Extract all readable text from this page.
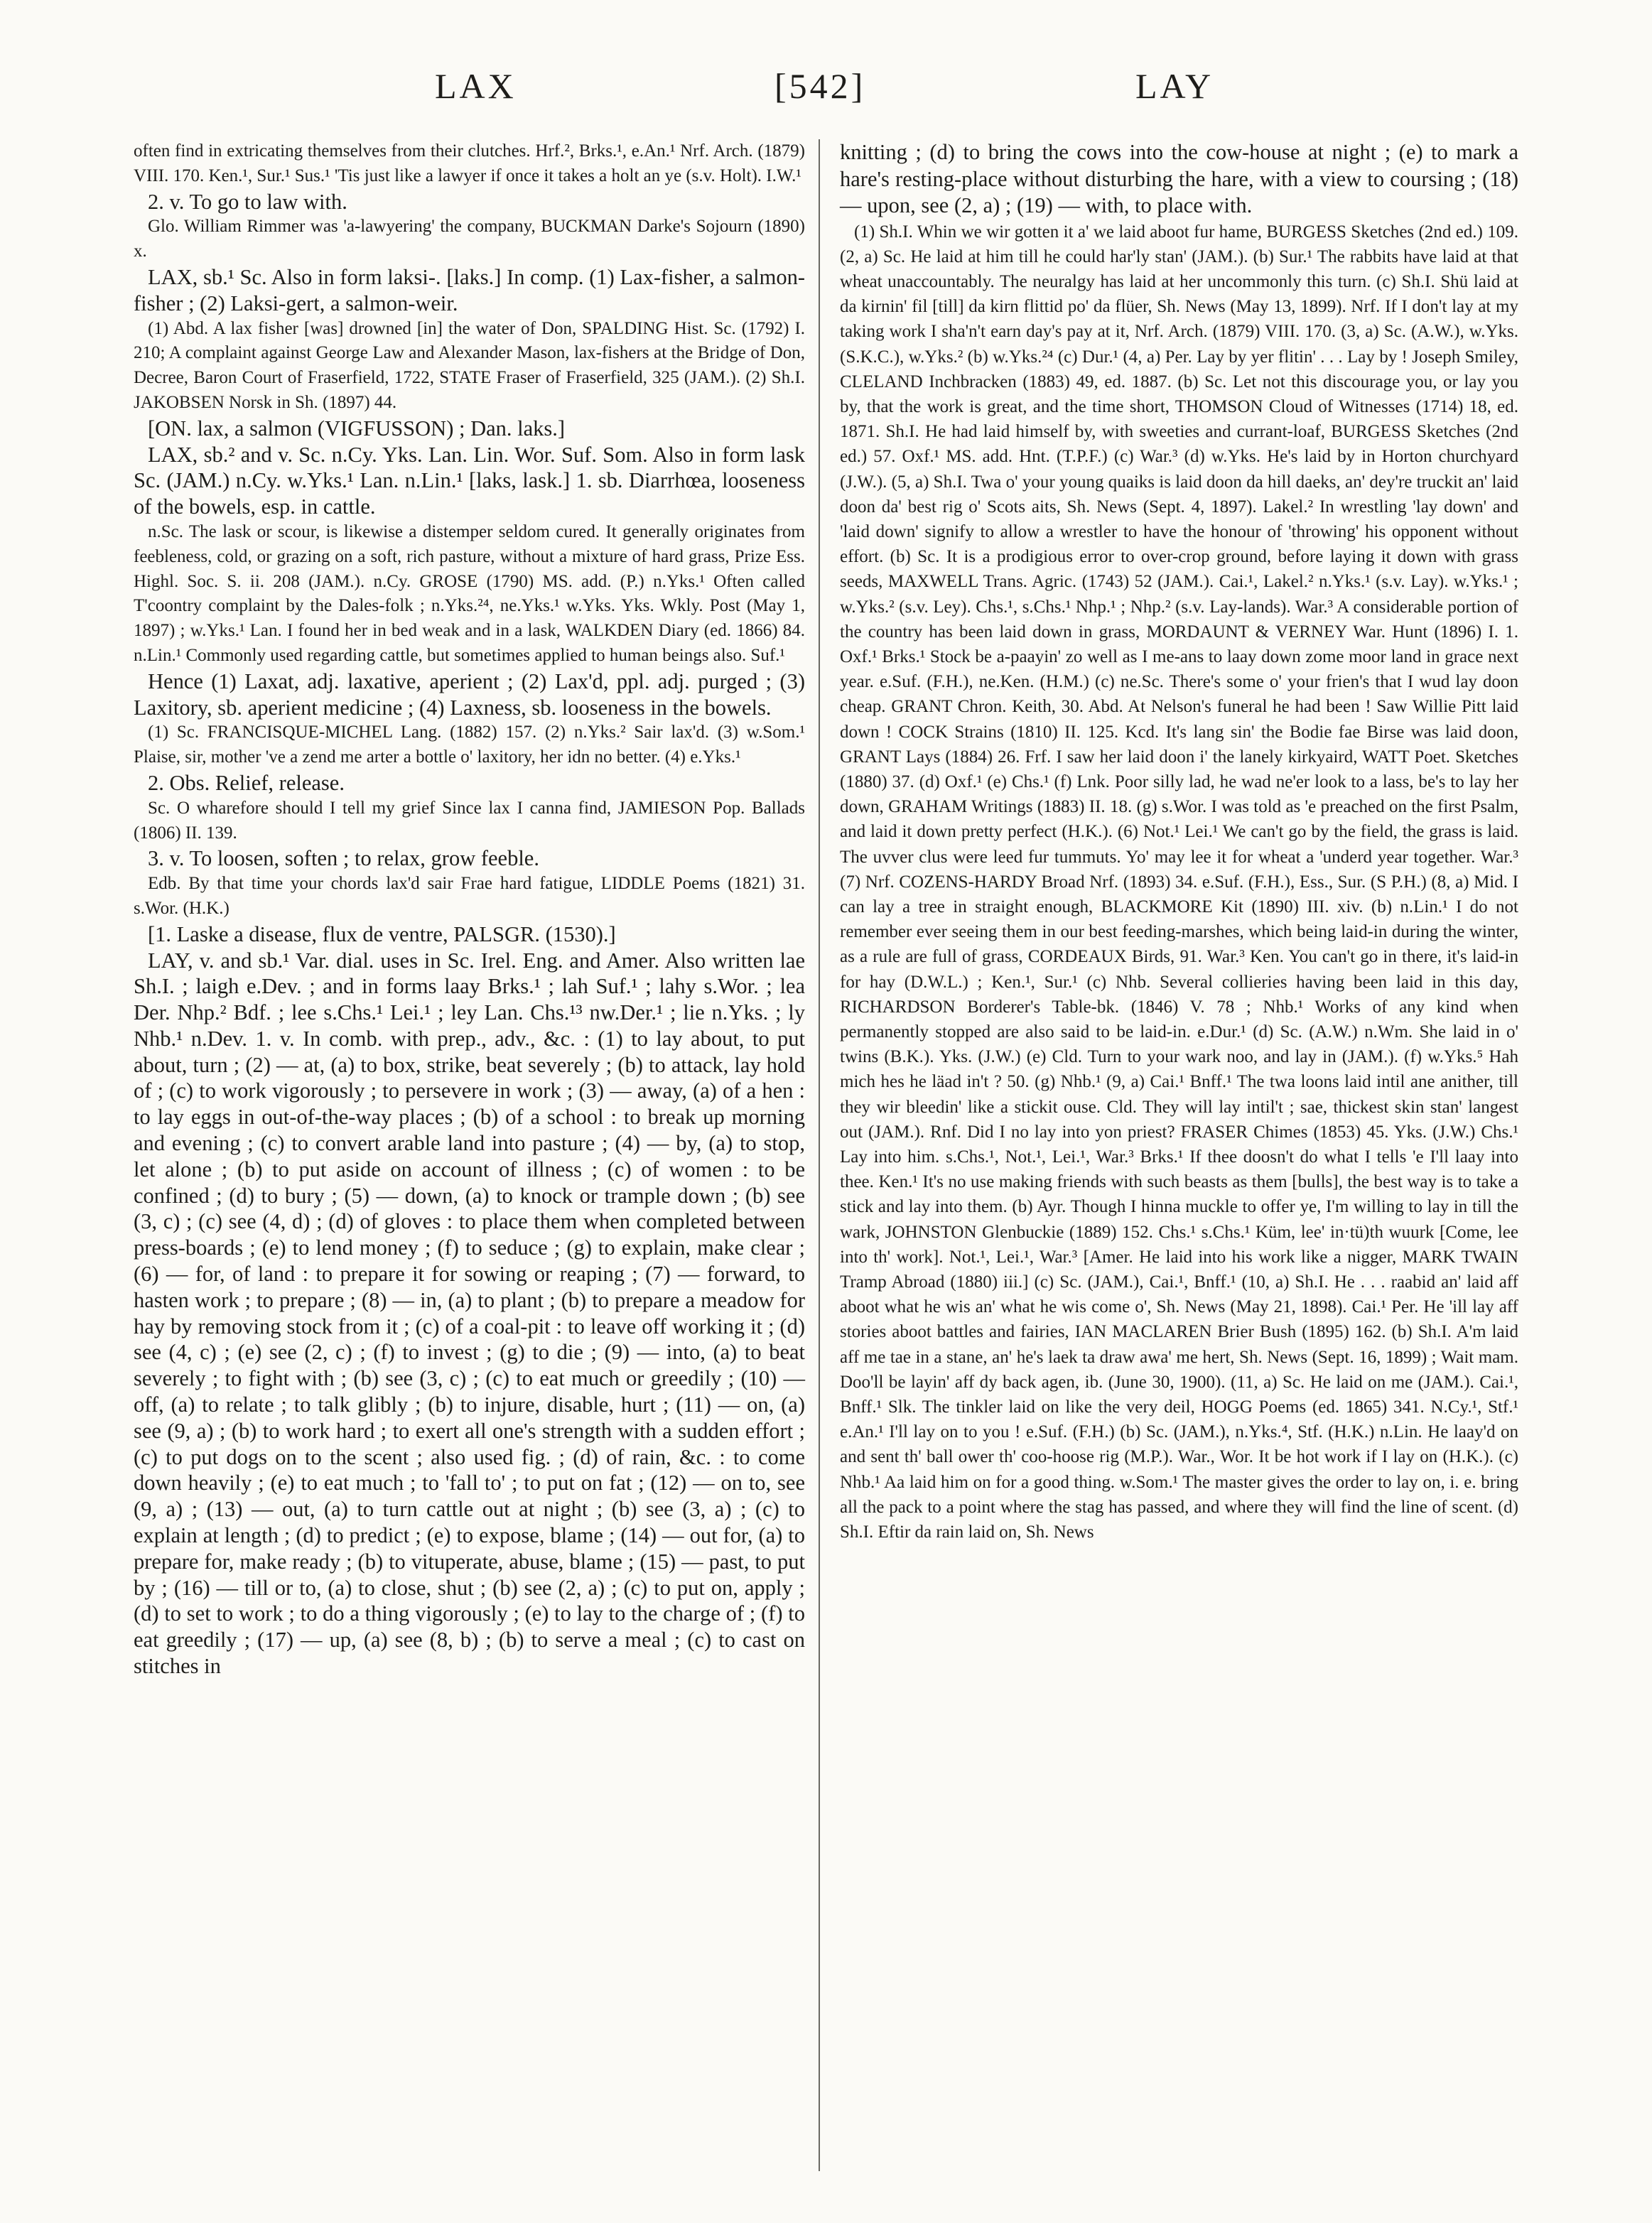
LAX	[542]	LAY

often find in extricating themselves from their clutches. Hrf.², Brks.¹, e.An.¹ Nrf. Arch. (1879) VIII. 170. Ken.¹, Sur.¹ Sus.¹ 'Tis just like a lawyer if once it takes a holt an ye (s.v. Holt). I.W.¹

2. v. To go to law with.

Glo. William Rimmer was 'a-lawyering' the company, BUCKMAN Darke's Sojourn (1890) x.

LAX, sb.¹ Sc. Also in form laksi-. [laks.] In comp. (1) Lax-fisher, a salmon-fisher ; (2) Laksi-gert, a salmon-weir.

(1) Abd. A lax fisher [was] drowned [in] the water of Don, SPALDING Hist. Sc. (1792) I. 210; A complaint against George Law and Alexander Mason, lax-fishers at the Bridge of Don, Decree, Baron Court of Fraserfield, 1722, STATE Fraser of Fraserfield, 325 (JAM.). (2) Sh.I. JAKOBSEN Norsk in Sh. (1897) 44.

[ON. lax, a salmon (VIGFUSSON) ; Dan. laks.]

LAX, sb.² and v. Sc. n.Cy. Yks. Lan. Lin. Wor. Suf. Som. Also in form lask Sc. (JAM.) n.Cy. w.Yks.¹ Lan. n.Lin.¹ [laks, lask.] 1. sb. Diarrhœa, looseness of the bowels, esp. in cattle.

n.Sc. The lask or scour, is likewise a distemper seldom cured. It generally originates from feebleness, cold, or grazing on a soft, rich pasture, without a mixture of hard grass, Prize Ess. Highl. Soc. S. ii. 208 (JAM.). n.Cy. GROSE (1790) MS. add. (P.) n.Yks.¹ Often called T'coontry complaint by the Dales-folk ; n.Yks.²⁴, ne.Yks.¹ w.Yks. Yks. Wkly. Post (May 1, 1897) ; w.Yks.¹ Lan. I found her in bed weak and in a lask, WALKDEN Diary (ed. 1866) 84. n.Lin.¹ Commonly used regarding cattle, but sometimes applied to human beings also. Suf.¹

Hence (1) Laxat, adj. laxative, aperient ; (2) Lax'd, ppl. adj. purged ; (3) Laxitory, sb. aperient medicine ; (4) Laxness, sb. looseness in the bowels.

(1) Sc. FRANCISQUE-MICHEL Lang. (1882) 157. (2) n.Yks.² Sair lax'd. (3) w.Som.¹ Plaise, sir, mother 've a zend me arter a bottle o' laxitory, her idn no better. (4) e.Yks.¹

2. Obs. Relief, release.

Sc. O wharefore should I tell my grief Since lax I canna find, JAMIESON Pop. Ballads (1806) II. 139.

3. v. To loosen, soften ; to relax, grow feeble.

Edb. By that time your chords lax'd sair Frae hard fatigue, LIDDLE Poems (1821) 31. s.Wor. (H.K.)

[1. Laske a disease, flux de ventre, PALSGR. (1530).]

LAY, v. and sb.¹ Var. dial. uses in Sc. Irel. Eng. and Amer. Also written lae Sh.I. ; laigh e.Dev. ; and in forms laay Brks.¹ ; lah Suf.¹ ; lahy s.Wor. ; lea Der. Nhp.² Bdf. ; lee s.Chs.¹ Lei.¹ ; ley Lan. Chs.¹³ nw.Der.¹ ; lie n.Yks. ; ly Nhb.¹ n.Dev. 1. v. In comb. with prep., adv., &c. : (1) to lay about, to put about, turn ; (2) — at, (a) to box, strike, beat severely ; (b) to attack, lay hold of ; (c) to work vigorously ; to persevere in work ; (3) — away, (a) of a hen : to lay eggs in out-of-the-way places ; (b) of a school : to break up morning and evening ; (c) to convert arable land into pasture ; (4) — by, (a) to stop, let alone ; (b) to put aside on account of illness ; (c) of women : to be confined ; (d) to bury ; (5) — down, (a) to knock or trample down ; (b) see (3, c) ; (c) see (4, d) ; (d) of gloves : to place them when completed between press-boards ; (e) to lend money ; (f) to seduce ; (g) to explain, make clear ; (6) — for, of land : to prepare it for sowing or reaping ; (7) — forward, to hasten work ; to prepare ; (8) — in, (a) to plant ; (b) to prepare a meadow for hay by removing stock from it ; (c) of a coal-pit : to leave off working it ; (d) see (4, c) ; (e) see (2, c) ; (f) to invest ; (g) to die ; (9) — into, (a) to beat severely ; to fight with ; (b) see (3, c) ; (c) to eat much or greedily ; (10) — off, (a) to relate ; to talk glibly ; (b) to injure, disable, hurt ; (11) — on, (a) see (9, a) ; (b) to work hard ; to exert all one's strength with a sudden effort ; (c) to put dogs on to the scent ; also used fig. ; (d) of rain, &c. : to come down heavily ; (e) to eat much ; to 'fall to' ; to put on fat ; (12) — on to, see (9, a) ; (13) — out, (a) to turn cattle out at night ; (b) see (3, a) ; (c) to explain at length ; (d) to predict ; (e) to expose, blame ; (14) — out for, (a) to prepare for, make ready ; (b) to vituperate, abuse, blame ; (15) — past, to put by ; (16) — till or to, (a) to close, shut ; (b) see (2, a) ; (c) to put on, apply ; (d) to set to work ; to do a thing vigorously ; (e) to lay to the charge of ; (f) to eat greedily ; (17) — up, (a) see (8, b) ; (b) to serve a meal ; (c) to cast on stitches in

knitting ; (d) to bring the cows into the cow-house at night ; (e) to mark a hare's resting-place without disturbing the hare, with a view to coursing ; (18) — upon, see (2, a) ; (19) — with, to place with.

(1) Sh.I. Whin we wir gotten it a' we laid aboot fur hame, BURGESS Sketches (2nd ed.) 109. (2, a) Sc. He laid at him till he could har'ly stan' (JAM.). (b) Sur.¹ The rabbits have laid at that wheat unaccountably. The neuralgy has laid at her uncommonly this turn. (c) Sh.I. Shü laid at da kirnin' fil [till] da kirn flittid po' da flüer, Sh. News (May 13, 1899). Nrf. If I don't lay at my taking work I sha'n't earn day's pay at it, Nrf. Arch. (1879) VIII. 170. (3, a) Sc. (A.W.), w.Yks. (S.K.C.), w.Yks.² (b) w.Yks.²⁴ (c) Dur.¹ (4, a) Per. Lay by yer flitin' . . . Lay by ! Joseph Smiley, CLELAND Inchbracken (1883) 49, ed. 1887. (b) Sc. Let not this discourage you, or lay you by, that the work is great, and the time short, THOMSON Cloud of Witnesses (1714) 18, ed. 1871. Sh.I. He had laid himself by, with sweeties and currant-loaf, BURGESS Sketches (2nd ed.) 57. Oxf.¹ MS. add. Hnt. (T.P.F.) (c) War.³ (d) w.Yks. He's laid by in Horton churchyard (J.W.). (5, a) Sh.I. Twa o' your young quaiks is laid doon da hill daeks, an' dey're truckit an' laid doon da' best rig o' Scots aits, Sh. News (Sept. 4, 1897). Lakel.² In wrestling 'lay down' and 'laid down' signify to allow a wrestler to have the honour of 'throwing' his opponent without effort. (b) Sc. It is a prodigious error to over-crop ground, before laying it down with grass seeds, MAXWELL Trans. Agric. (1743) 52 (JAM.). Cai.¹, Lakel.² n.Yks.¹ (s.v. Lay). w.Yks.¹ ; w.Yks.² (s.v. Ley). Chs.¹, s.Chs.¹ Nhp.¹ ; Nhp.² (s.v. Lay-lands). War.³ A considerable portion of the country has been laid down in grass, MORDAUNT & VERNEY War. Hunt (1896) I. 1. Oxf.¹ Brks.¹ Stock be a-paayin' zo well as I me-ans to laay down zome moor land in grace next year. e.Suf. (F.H.), ne.Ken. (H.M.) (c) ne.Sc. There's some o' your frien's that I wud lay doon cheap. GRANT Chron. Keith, 30. Abd. At Nelson's funeral he had been ! Saw Willie Pitt laid down ! COCK Strains (1810) II. 125. Kcd. It's lang sin' the Bodie fae Birse was laid doon, GRANT Lays (1884) 26. Frf. I saw her laid doon i' the lanely kirkyaird, WATT Poet. Sketches (1880) 37. (d) Oxf.¹ (e) Chs.¹ (f) Lnk. Poor silly lad, he wad ne'er look to a lass, be's to lay her down, GRAHAM Writings (1883) II. 18. (g) s.Wor. I was told as 'e preached on the first Psalm, and laid it down pretty perfect (H.K.). (6) Not.¹ Lei.¹ We can't go by the field, the grass is laid. The uvver clus were leed fur tummuts. Yo' may lee it for wheat a 'underd year together. War.³ (7) Nrf. COZENS-HARDY Broad Nrf. (1893) 34. e.Suf. (F.H.), Ess., Sur. (S P.H.) (8, a) Mid. I can lay a tree in straight enough, BLACKMORE Kit (1890) III. xiv. (b) n.Lin.¹ I do not remember ever seeing them in our best feeding-marshes, which being laid-in during the winter, as a rule are full of grass, CORDEAUX Birds, 91. War.³ Ken. You can't go in there, it's laid-in for hay (D.W.L.) ; Ken.¹, Sur.¹ (c) Nhb. Several collieries having been laid in this day, RICHARDSON Borderer's Table-bk. (1846) V. 78 ; Nhb.¹ Works of any kind when permanently stopped are also said to be laid-in. e.Dur.¹ (d) Sc. (A.W.) n.Wm. She laid in o' twins (B.K.). Yks. (J.W.) (e) Cld. Turn to your wark noo, and lay in (JAM.). (f) w.Yks.⁵ Hah mich hes he läad in't ? 50. (g) Nhb.¹ (9, a) Cai.¹ Bnff.¹ The twa loons laid intil ane anither, till they wir bleedin' like a stickit ouse. Cld. They will lay intil't ; sae, thickest skin stan' langest out (JAM.). Rnf. Did I no lay into yon priest? FRASER Chimes (1853) 45. Yks. (J.W.) Chs.¹ Lay into him. s.Chs.¹, Not.¹, Lei.¹, War.³ Brks.¹ If thee doosn't do what I tells 'e I'll laay into thee. Ken.¹ It's no use making friends with such beasts as them [bulls], the best way is to take a stick and lay into them. (b) Ayr. Though I hinna muckle to offer ye, I'm willing to lay in till the wark, JOHNSTON Glenbuckie (1889) 152. Chs.¹ s.Chs.¹ Küm, lee' in·tü)th wuurk [Come, lee into th' work]. Not.¹, Lei.¹, War.³ [Amer. He laid into his work like a nigger, MARK TWAIN Tramp Abroad (1880) iii.] (c) Sc. (JAM.), Cai.¹, Bnff.¹ (10, a) Sh.I. He . . . raabid an' laid aff aboot what he wis an' what he wis come o', Sh. News (May 21, 1898). Cai.¹ Per. He 'ill lay aff stories aboot battles and fairies, IAN MACLAREN Brier Bush (1895) 162. (b) Sh.I. A'm laid aff me tae in a stane, an' he's laek ta draw awa' me hert, Sh. News (Sept. 16, 1899) ; Wait mam. Doo'll be layin' aff dy back agen, ib. (June 30, 1900). (11, a) Sc. He laid on me (JAM.). Cai.¹, Bnff.¹ Slk. The tinkler laid on like the very deil, HOGG Poems (ed. 1865) 341. N.Cy.¹, Stf.¹ e.An.¹ I'll lay on to you ! e.Suf. (F.H.) (b) Sc. (JAM.), n.Yks.⁴, Stf. (H.K.) n.Lin. He laay'd on and sent th' ball ower th' coo-hoose rig (M.P.). War., Wor. It be hot work if I lay on (H.K.). (c) Nhb.¹ Aa laid him on for a good thing. w.Som.¹ The master gives the order to lay on, i. e. bring all the pack to a point where the stag has passed, and where they will find the line of scent. (d) Sh.I. Eftir da rain laid on, Sh. News
